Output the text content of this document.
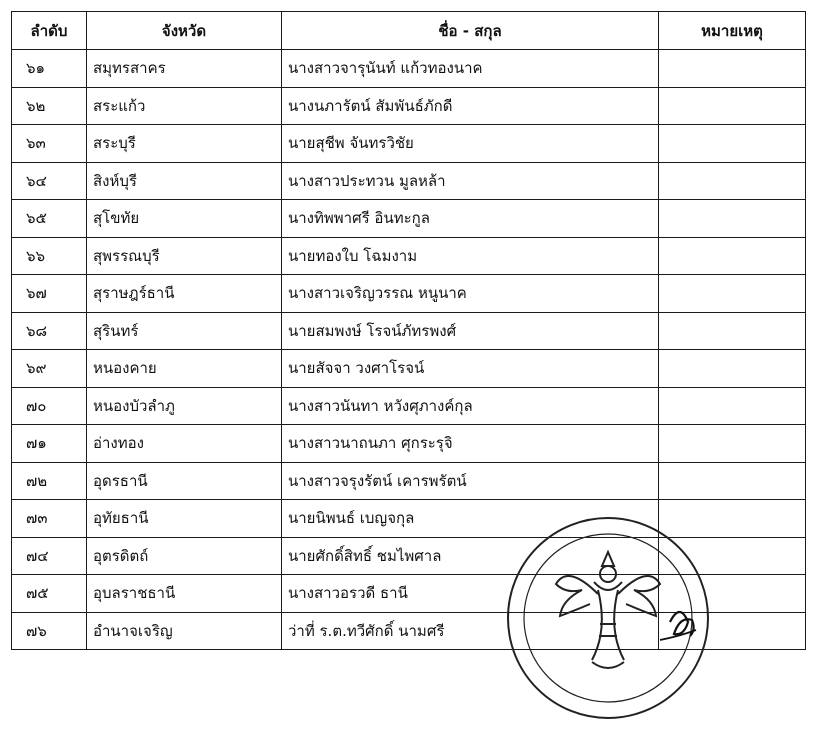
ลำดับ	จังหวัด	ชื่อ - สกุล	หมายเหตุ
๖๑	สมุทรสาคร	นางสาวจารุนันท์ แก้วทองนาค	
๖๒	สระแก้ว	นางนภารัตน์ สัมพันธ์ภักดี	
๖๓	สระบุรี	นายสุชีพ จันทรวิชัย	
๖๔	สิงห์บุรี	นางสาวประทวน มูลหล้า	
๖๕	สุโขทัย	นางทิพพาศรี อินทะกูล	
๖๖	สุพรรณบุรี	นายทองใบ โฉมงาม	
๖๗	สุราษฎร์ธานี	นางสาวเจริญวรรณ หนูนาค	
๖๘	สุรินทร์	นายสมพงษ์ โรจน์ภัทรพงศ์	
๖๙	หนองคาย	นายสัจจา วงศาโรจน์	
๗๐	หนองบัวลำภู	นางสาวนันทา หวังศุภางค์กุล	
๗๑	อ่างทอง	นางสาวนาถนภา ศุกระรุจิ	
๗๒	อุดรธานี	นางสาวจรุงรัตน์ เคารพรัตน์	
๗๓	อุทัยธานี	นายนิพนธ์ เบญจกุล	
๗๔	อุตรดิตถ์	นายศักดิ์สิทธิ์ ชมไพศาล	
๗๕	อุบลราชธานี	นางสาวอรวดี ธานี	
๗๖	อำนาจเจริญ	ว่าที่ ร.ต.ทวีศักดิ์ นามศรี	
